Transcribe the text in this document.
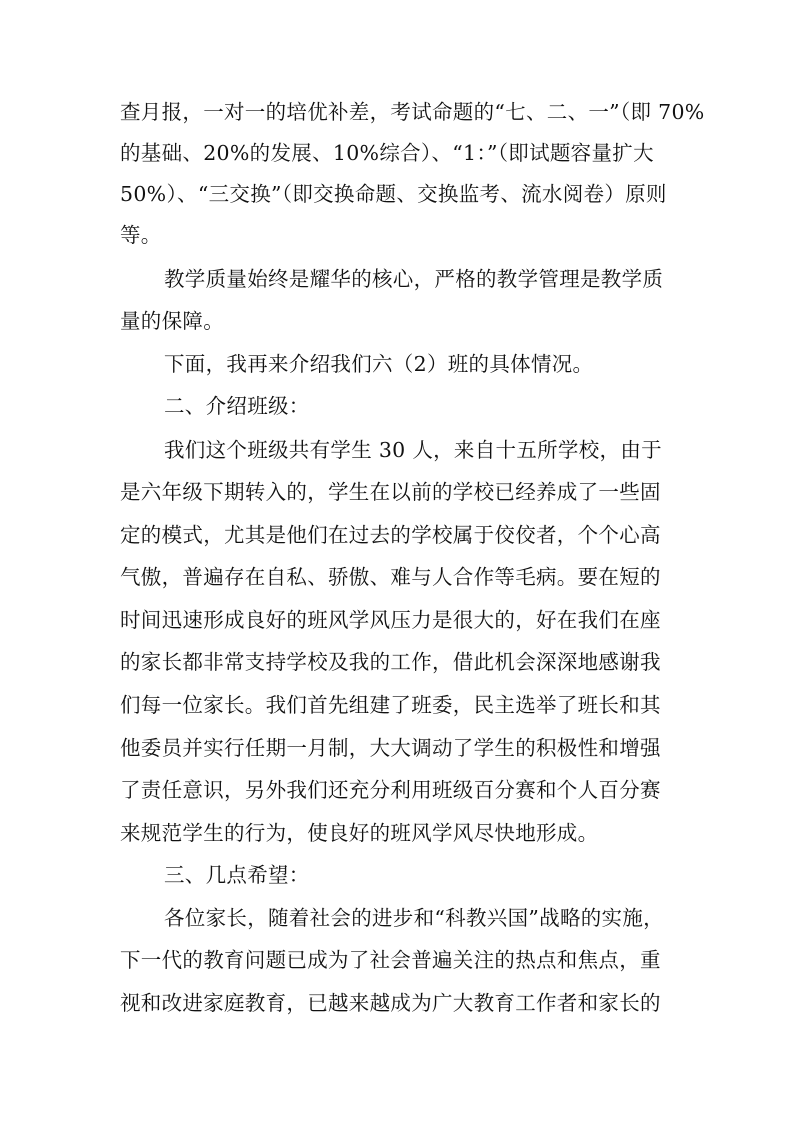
查月报，一对一的培优补差，考试命题的“七、二、一”（即 70%
的基础、20%的发展、10%综合）、“1：”（即试题容量扩大
50%）、“三交换”（即交换命题、交换监考、流水阅卷）原则
等。
教学质量始终是耀华的核心，严格的教学管理是教学质
量的保障。
下面，我再来介绍我们六（2）班的具体情况。
二、介绍班级：
我们这个班级共有学生 30 人，来自十五所学校，由于
是六年级下期转入的，学生在以前的学校已经养成了一些固
定的模式，尤其是他们在过去的学校属于佼佼者，个个心高
气傲，普遍存在自私、骄傲、难与人合作等毛病。要在短的
时间迅速形成良好的班风学风压力是很大的，好在我们在座
的家长都非常支持学校及我的工作，借此机会深深地感谢我
们每一位家长。我们首先组建了班委，民主选举了班长和其
他委员并实行任期一月制，大大调动了学生的积极性和增强
了责任意识，另外我们还充分利用班级百分赛和个人百分赛
来规范学生的行为，使良好的班风学风尽快地形成。
三、几点希望：
各位家长，随着社会的进步和“科教兴国”战略的实施，
下一代的教育问题已成为了社会普遍关注的热点和焦点，重
视和改进家庭教育，已越来越成为广大教育工作者和家长的
